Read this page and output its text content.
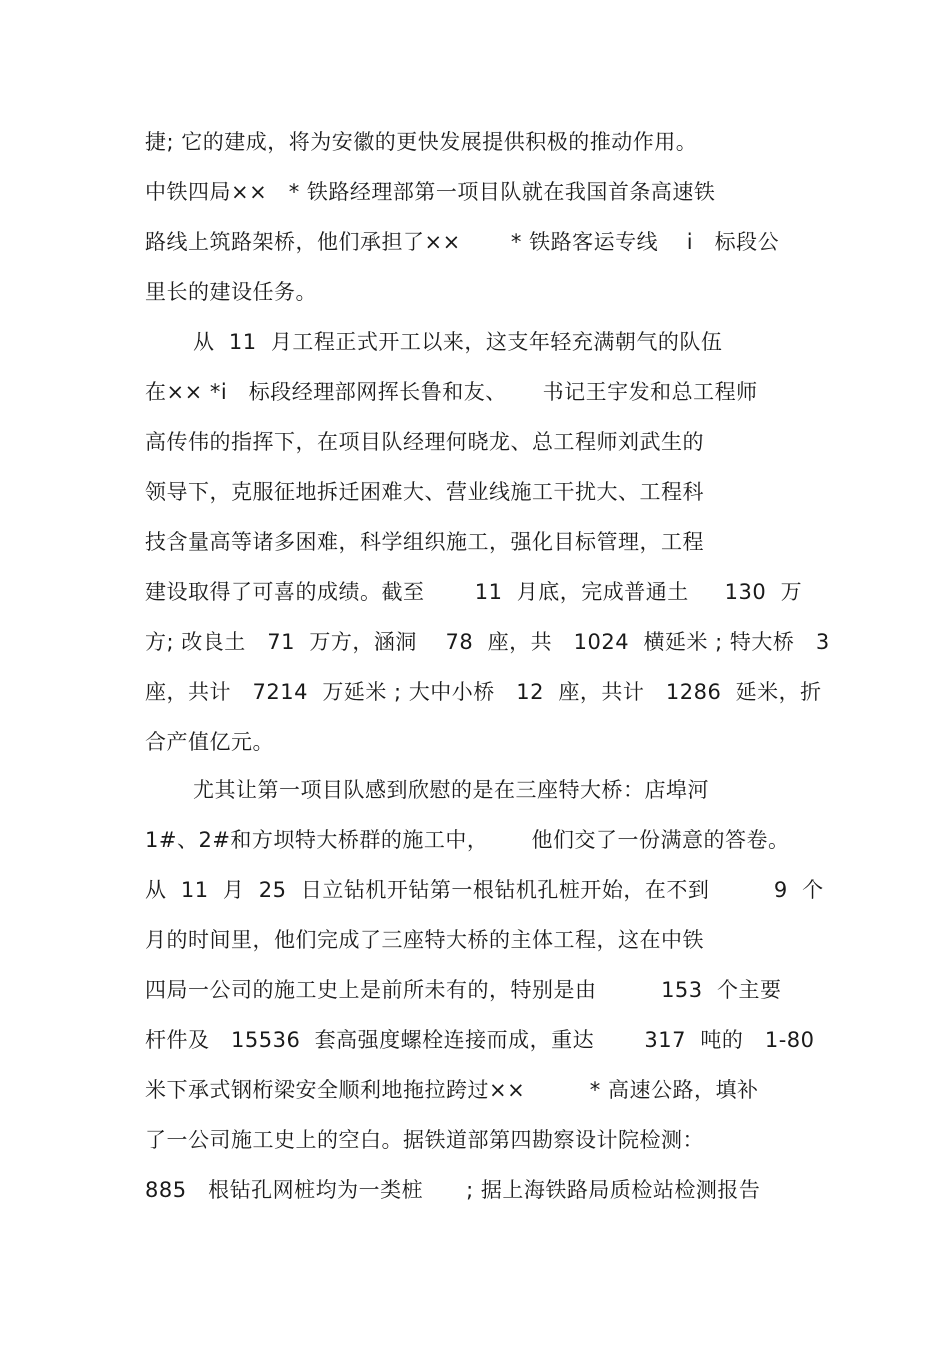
捷; 它的建成，将为安徽的更快发展提供积极的推动作用。
中铁四局××   * 铁路经理部第一项目队就在我国首条高速铁
路线上筑路架桥，他们承担了××       * 铁路客运专线    i   标段公
里长的建设任务。
从  11  月工程正式开工以来，这支年轻充满朝气的队伍
在×× *i   标段经理部网挥长鲁和友、     书记王宇发和总工程师
高传伟的指挥下，在项目队经理何晓龙、总工程师刘武生的
领导下，克服征地拆迁困难大、营业线施工干扰大、工程科
技含量高等诸多困难，科学组织施工，强化目标管理，工程
建设取得了可喜的成绩。截至       11  月底，完成普通土     130  万
方; 改良土   71  万方，涵洞    78  座，共   1024  横延米 ; 特大桥   3
座，共计   7214  万延米 ; 大中小桥   12  座，共计   1286  延米，折
合产值亿元。
尤其让第一项目队感到欣慰的是在三座特大桥：店埠河
1#、2#和方坝特大桥群的施工中，      他们交了一份满意的答卷。
从  11  月  25  日立钻机开钻第一根钻机孔桩开始，在不到         9  个
月的时间里，他们完成了三座特大桥的主体工程，这在中铁
四局一公司的施工史上是前所未有的，特别是由         153  个主要
杆件及   15536  套高强度螺栓连接而成，重达       317  吨的   1-80
米下承式钢桁梁安全顺利地拖拉跨过××         * 高速公路，填补
了一公司施工史上的空白。据铁道部第四勘察设计院检测：
885   根钻孔网桩均为一类桩      ; 据上海铁路局质检站检测报告
